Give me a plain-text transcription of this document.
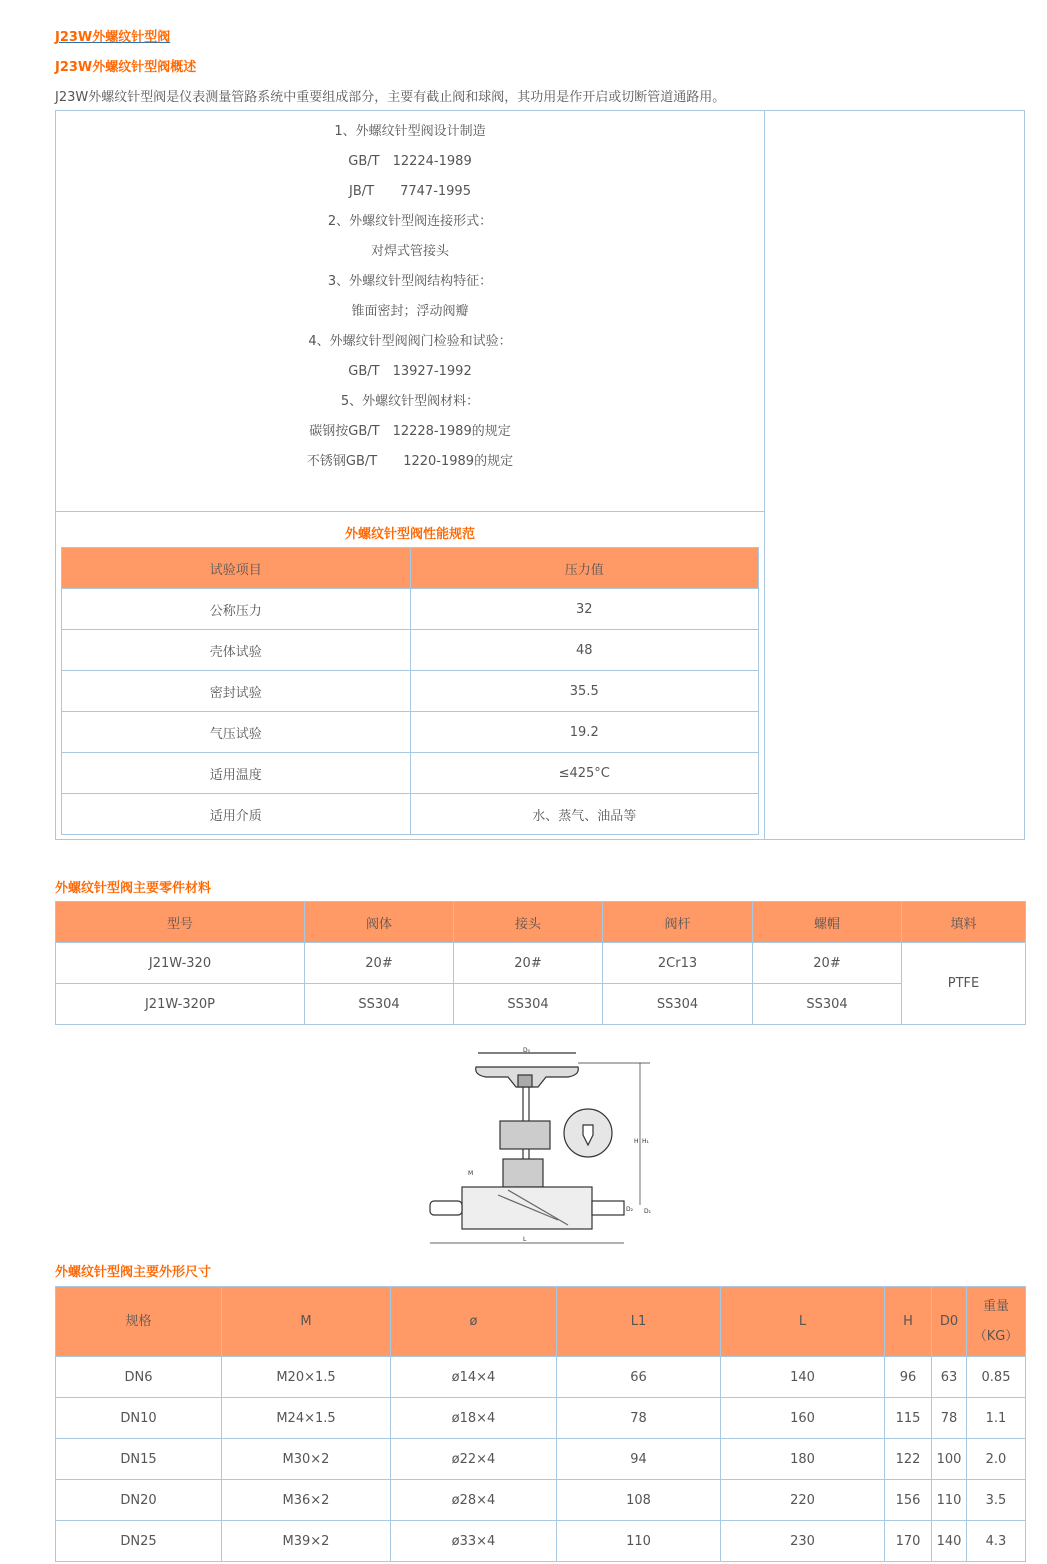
J23W外螺纹针型阀
J23W外螺纹针型阀概述
J23W外螺纹针型阀是仪表测量管路系统中重要组成部分，主要有截止阀和球阀，其功用是作开启或切断管道通路用。
1、外螺纹针型阀设计制造
GB/T　12224-1989
JB/T　　7747-1995
2、外螺纹针型阀连接形式：
对焊式管接头
3、外螺纹针型阀结构特征：
锥面密封；浮动阀瓣
4、外螺纹针型阀阀门检验和试验：
GB/T　13927-1992
5、外螺纹针型阀材料：
碳钢按GB/T　12228-1989的规定
不锈钢GB/T　　1220-1989的规定
外螺纹针型阀性能规范
试验项目	压力值
公称压力	32
壳体试验	48
密封试验	35.5
气压试验	19.2
适用温度	≤425°C
适用介质	水、蒸气、油品等
外螺纹针型阀主要零件材料
型号	阀体	接头	阀杆	螺帽	填料
J21W-320	20#	20#	2Cr13	20#	PTFE
J21W-320P	SS304	SS304	SS304	SS304	
D₀
H H₁
D₁
D₂
L
M
外螺纹针型阀主要外形尺寸
规格	M	ø	L1	L	H	D0	重量
（KG）

DN6	M20×1.5	ø14×4	66	140	96	63	0.85
DN10	M24×1.5	ø18×4	78	160	115	78	1.1
DN15	M30×2	ø22×4	94	180	122	100	2.0
DN20	M36×2	ø28×4	108	220	156	110	3.5
DN25	M39×2	ø33×4	110	230	170	140	4.3
